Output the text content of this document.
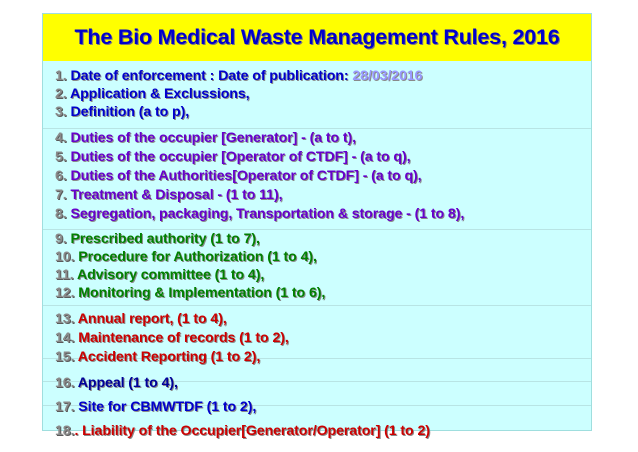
The Bio Medical Waste Management Rules, 2016
1. Date of enforcement : Date of publication: 28/03/2016
2. Application & Exclussions,
3. Definition (a to p),
4. Duties of the occupier [Generator] - (a to t),
5. Duties of the occupier [Operator of CTDF] - (a to q),
6. Duties of the Authorities[Operator of CTDF] - (a to q),
7. Treatment & Disposal - (1 to 11),
8. Segregation, packaging, Transportation & storage - (1 to 8),
9. Prescribed authority (1 to 7),
10. Procedure for Authorization (1 to 4),
11. Advisory committee (1 to 4),
12. Monitoring & Implementation (1 to 6),
13. Annual report, (1 to 4),
14. Maintenance of records (1 to 2),
15. Accident Reporting (1 to 2),
16. Appeal (1 to 4),
17. Site for CBMWTDF (1 to 2),
18.. Liability of the Occupier[Generator/Operator] (1 to 2)
